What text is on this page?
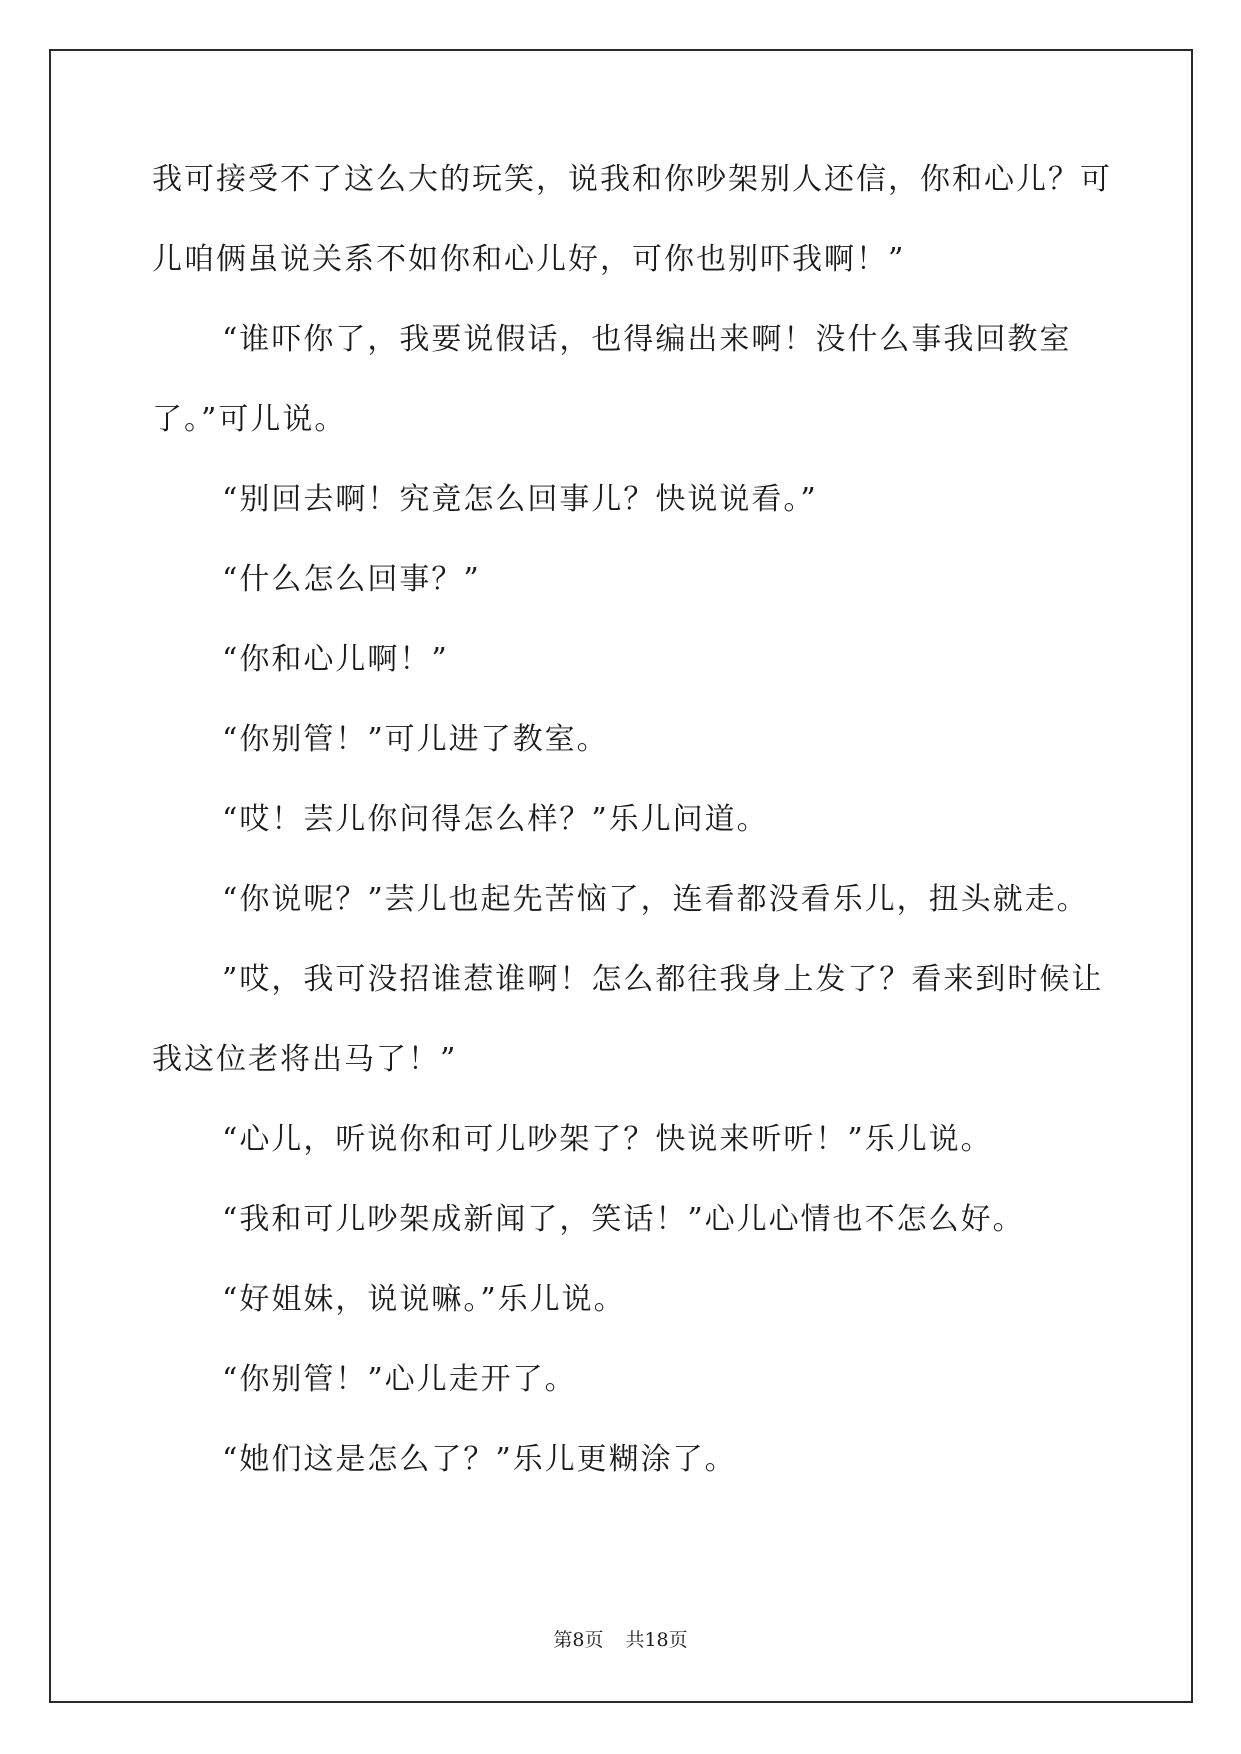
我可接受不了这么大的玩笑，说我和你吵架别人还信，你和心儿？可
儿咱俩虽说关系不如你和心儿好，可你也别吓我啊！”
“谁吓你了，我要说假话，也得编出来啊！没什么事我回教室
了。”可儿说。
“别回去啊！究竟怎么回事儿？快说说看。”
“什么怎么回事？”
“你和心儿啊！”
“你别管！”可儿进了教室。
“哎！芸儿你问得怎么样？”乐儿问道。
“你说呢？”芸儿也起先苦恼了，连看都没看乐儿，扭头就走。
”哎，我可没招谁惹谁啊！怎么都往我身上发了？看来到时候让
我这位老将出马了！”
“心儿，听说你和可儿吵架了？快说来听听！”乐儿说。
“我和可儿吵架成新闻了，笑话！”心儿心情也不怎么好。
“好姐妹，说说嘛。”乐儿说。
“你别管！”心儿走开了。
“她们这是怎么了？”乐儿更糊涂了。
第8页 共18页
